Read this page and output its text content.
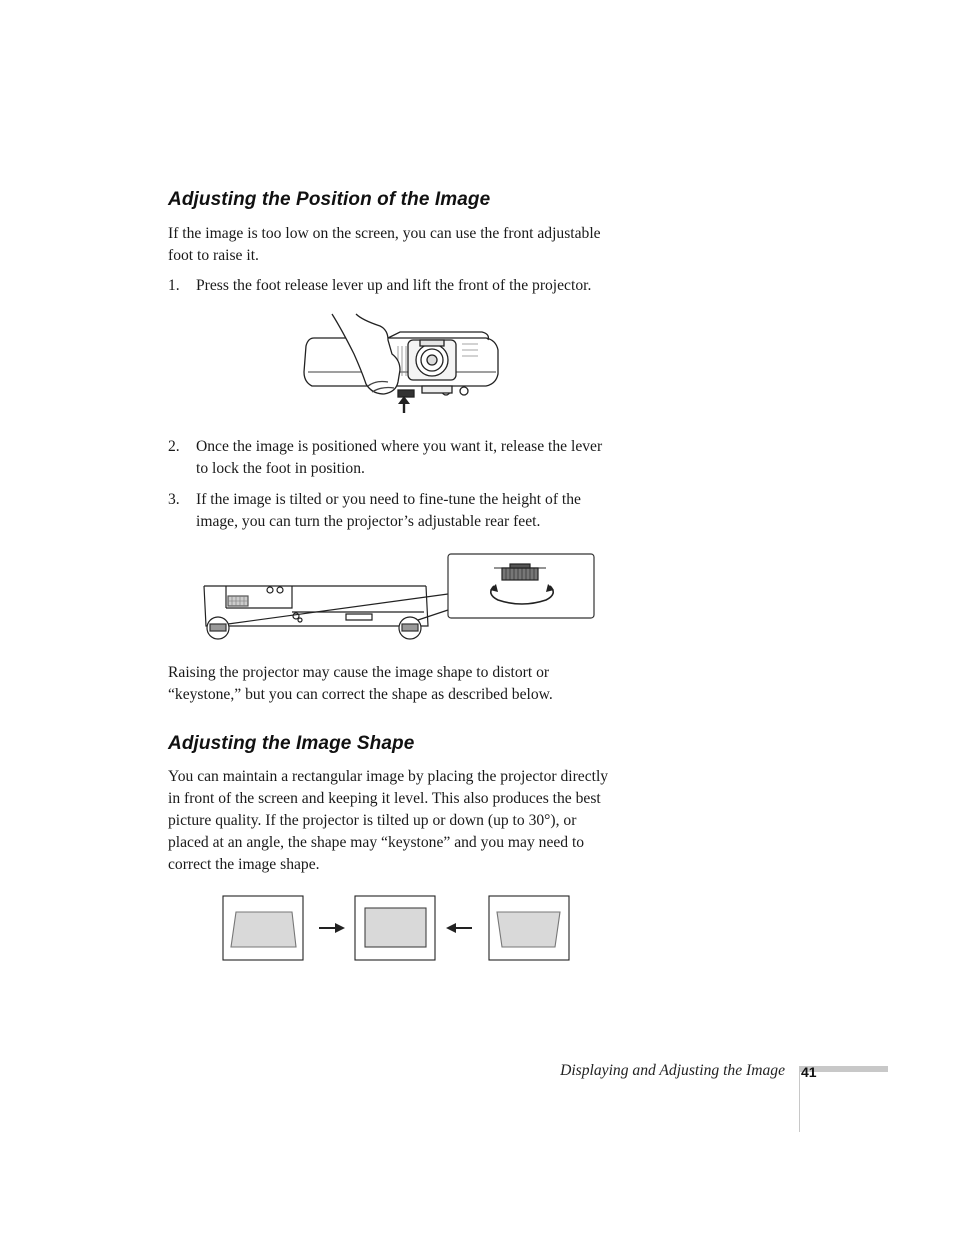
Adjusting the Position of the Image

If the image is too low on the screen, you can use the front adjustable
foot to raise it.

1. Press the foot release lever up and lift the front of the projector.
2. Once the image is positioned where you want it, release the lever
to lock the foot in position.
3. If the image is tilted or you need to fine-tune the height of the
image, you can turn the projector’s adjustable rear feet.

Raising the projector may cause the image shape to distort or
“keystone,” but you can correct the shape as described below.

Adjusting the Image Shape

You can maintain a rectangular image by placing the projector directly
in front of the screen and keeping it level. This also produces the best
picture quality. If the projector is tilted up or down (up to 30°), or
placed at an angle, the shape may “keystone” and you may need to
correct the image shape.

Displaying and Adjusting the Image 41
